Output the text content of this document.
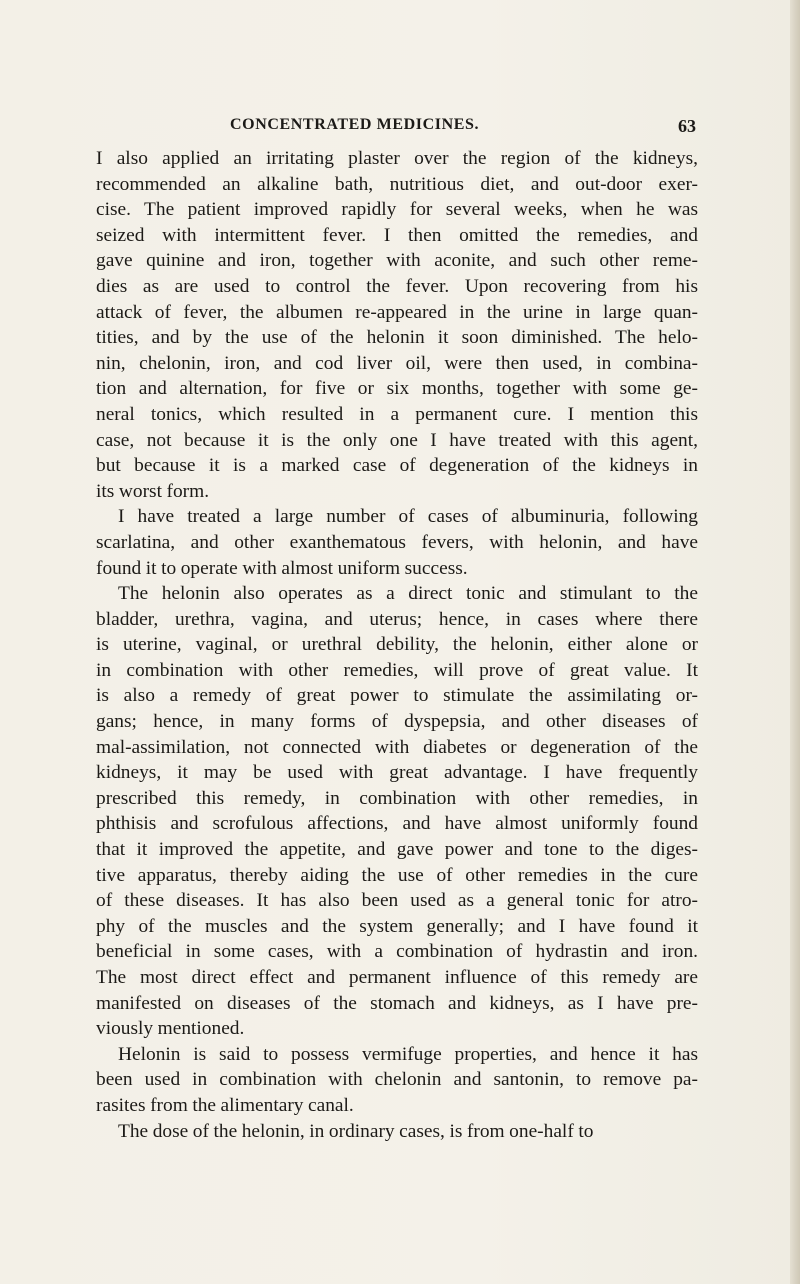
CONCENTRATED MEDICINES.	63

I also applied an irritating plaster over the region of the kidneys,
recommended an alkaline bath, nutritious diet, and out-door exer-
cise. The patient improved rapidly for several weeks, when he was
seized with intermittent fever. I then omitted the remedies, and
gave quinine and iron, together with aconite, and such other reme-
dies as are used to control the fever. Upon recovering from his
attack of fever, the albumen re-appeared in the urine in large quan-
tities, and by the use of the helonin it soon diminished. The helo-
nin, chelonin, iron, and cod liver oil, were then used, in combina-
tion and alternation, for five or six months, together with some ge-
neral tonics, which resulted in a permanent cure. I mention this
case, not because it is the only one I have treated with this agent,
but because it is a marked case of degeneration of the kidneys in
its worst form.

I have treated a large number of cases of albuminuria, following
scarlatina, and other exanthematous fevers, with helonin, and have
found it to operate with almost uniform success.

The helonin also operates as a direct tonic and stimulant to the
bladder, urethra, vagina, and uterus; hence, in cases where there
is uterine, vaginal, or urethral debility, the helonin, either alone or
in combination with other remedies, will prove of great value. It
is also a remedy of great power to stimulate the assimilating or-
gans; hence, in many forms of dyspepsia, and other diseases of
mal-assimilation, not connected with diabetes or degeneration of the
kidneys, it may be used with great advantage. I have frequently
prescribed this remedy, in combination with other remedies, in
phthisis and scrofulous affections, and have almost uniformly found
that it improved the appetite, and gave power and tone to the diges-
tive apparatus, thereby aiding the use of other remedies in the cure
of these diseases. It has also been used as a general tonic for atro-
phy of the muscles and the system generally; and I have found it
beneficial in some cases, with a combination of hydrastin and iron.
The most direct effect and permanent influence of this remedy are
manifested on diseases of the stomach and kidneys, as I have pre-
viously mentioned.

Helonin is said to possess vermifuge properties, and hence it has
been used in combination with chelonin and santonin, to remove pa-
rasites from the alimentary canal.

The dose of the helonin, in ordinary cases, is from one-half to
